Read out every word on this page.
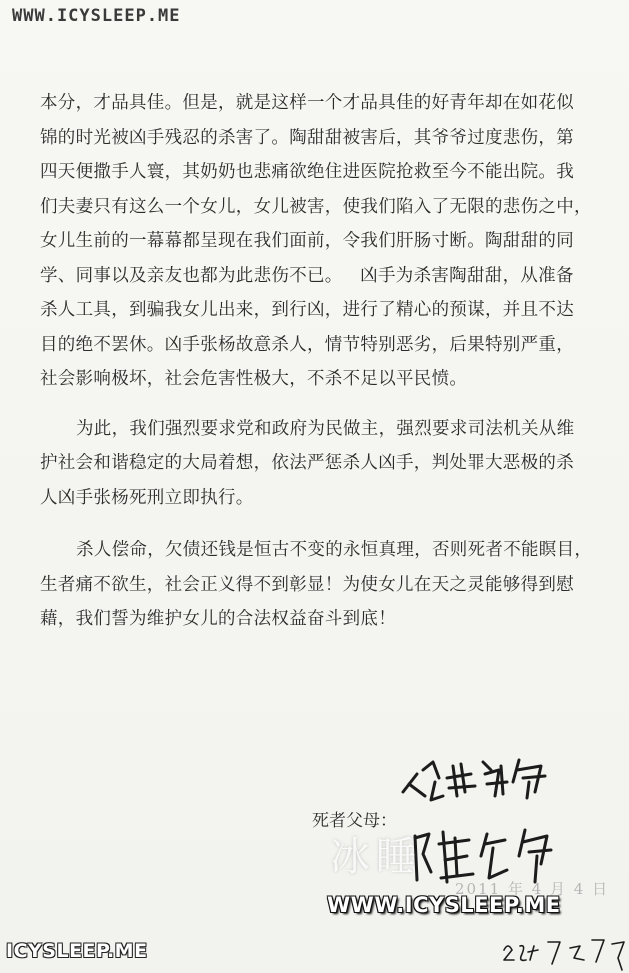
WWW.ICYSLEEP.ME

本分，才品具佳。但是，就是这样一个才品具佳的好青年却在如花似

锦的时光被凶手残忍的杀害了。陶甜甜被害后，其爷爷过度悲伤，第

四天便撒手人寰，其奶奶也悲痛欲绝住进医院抢救至今不能出院。我

们夫妻只有这么一个女儿，女儿被害，使我们陷入了无限的悲伤之中，

女儿生前的一幕幕都呈现在我们面前，令我们肝肠寸断。陶甜甜的同

学、同事以及亲友也都为此悲伤不已。   凶手为杀害陶甜甜，从准备

杀人工具，到骗我女儿出来，到行凶，进行了精心的预谋，并且不达

目的绝不罢休。凶手张杨故意杀人，情节特别恶劣，后果特别严重，

社会影响极坏，社会危害性极大，不杀不足以平民愤。

为此，我们强烈要求党和政府为民做主，强烈要求司法机关从维

护社会和谐稳定的大局着想，依法严惩杀人凶手，判处罪大恶极的杀

人凶手张杨死刑立即执行。

杀人偿命，欠债还钱是恒古不变的永恒真理，否则死者不能瞑目，

生者痛不欲生，社会正义得不到彰显！为使女儿在天之灵能够得到慰

藉，我们誓为维护女儿的合法权益奋斗到底！

死者父母：
2011 年 4 月 4 日
冰睡
WWW.ICYSLEEP.ME
ICYSLEEP.ME
